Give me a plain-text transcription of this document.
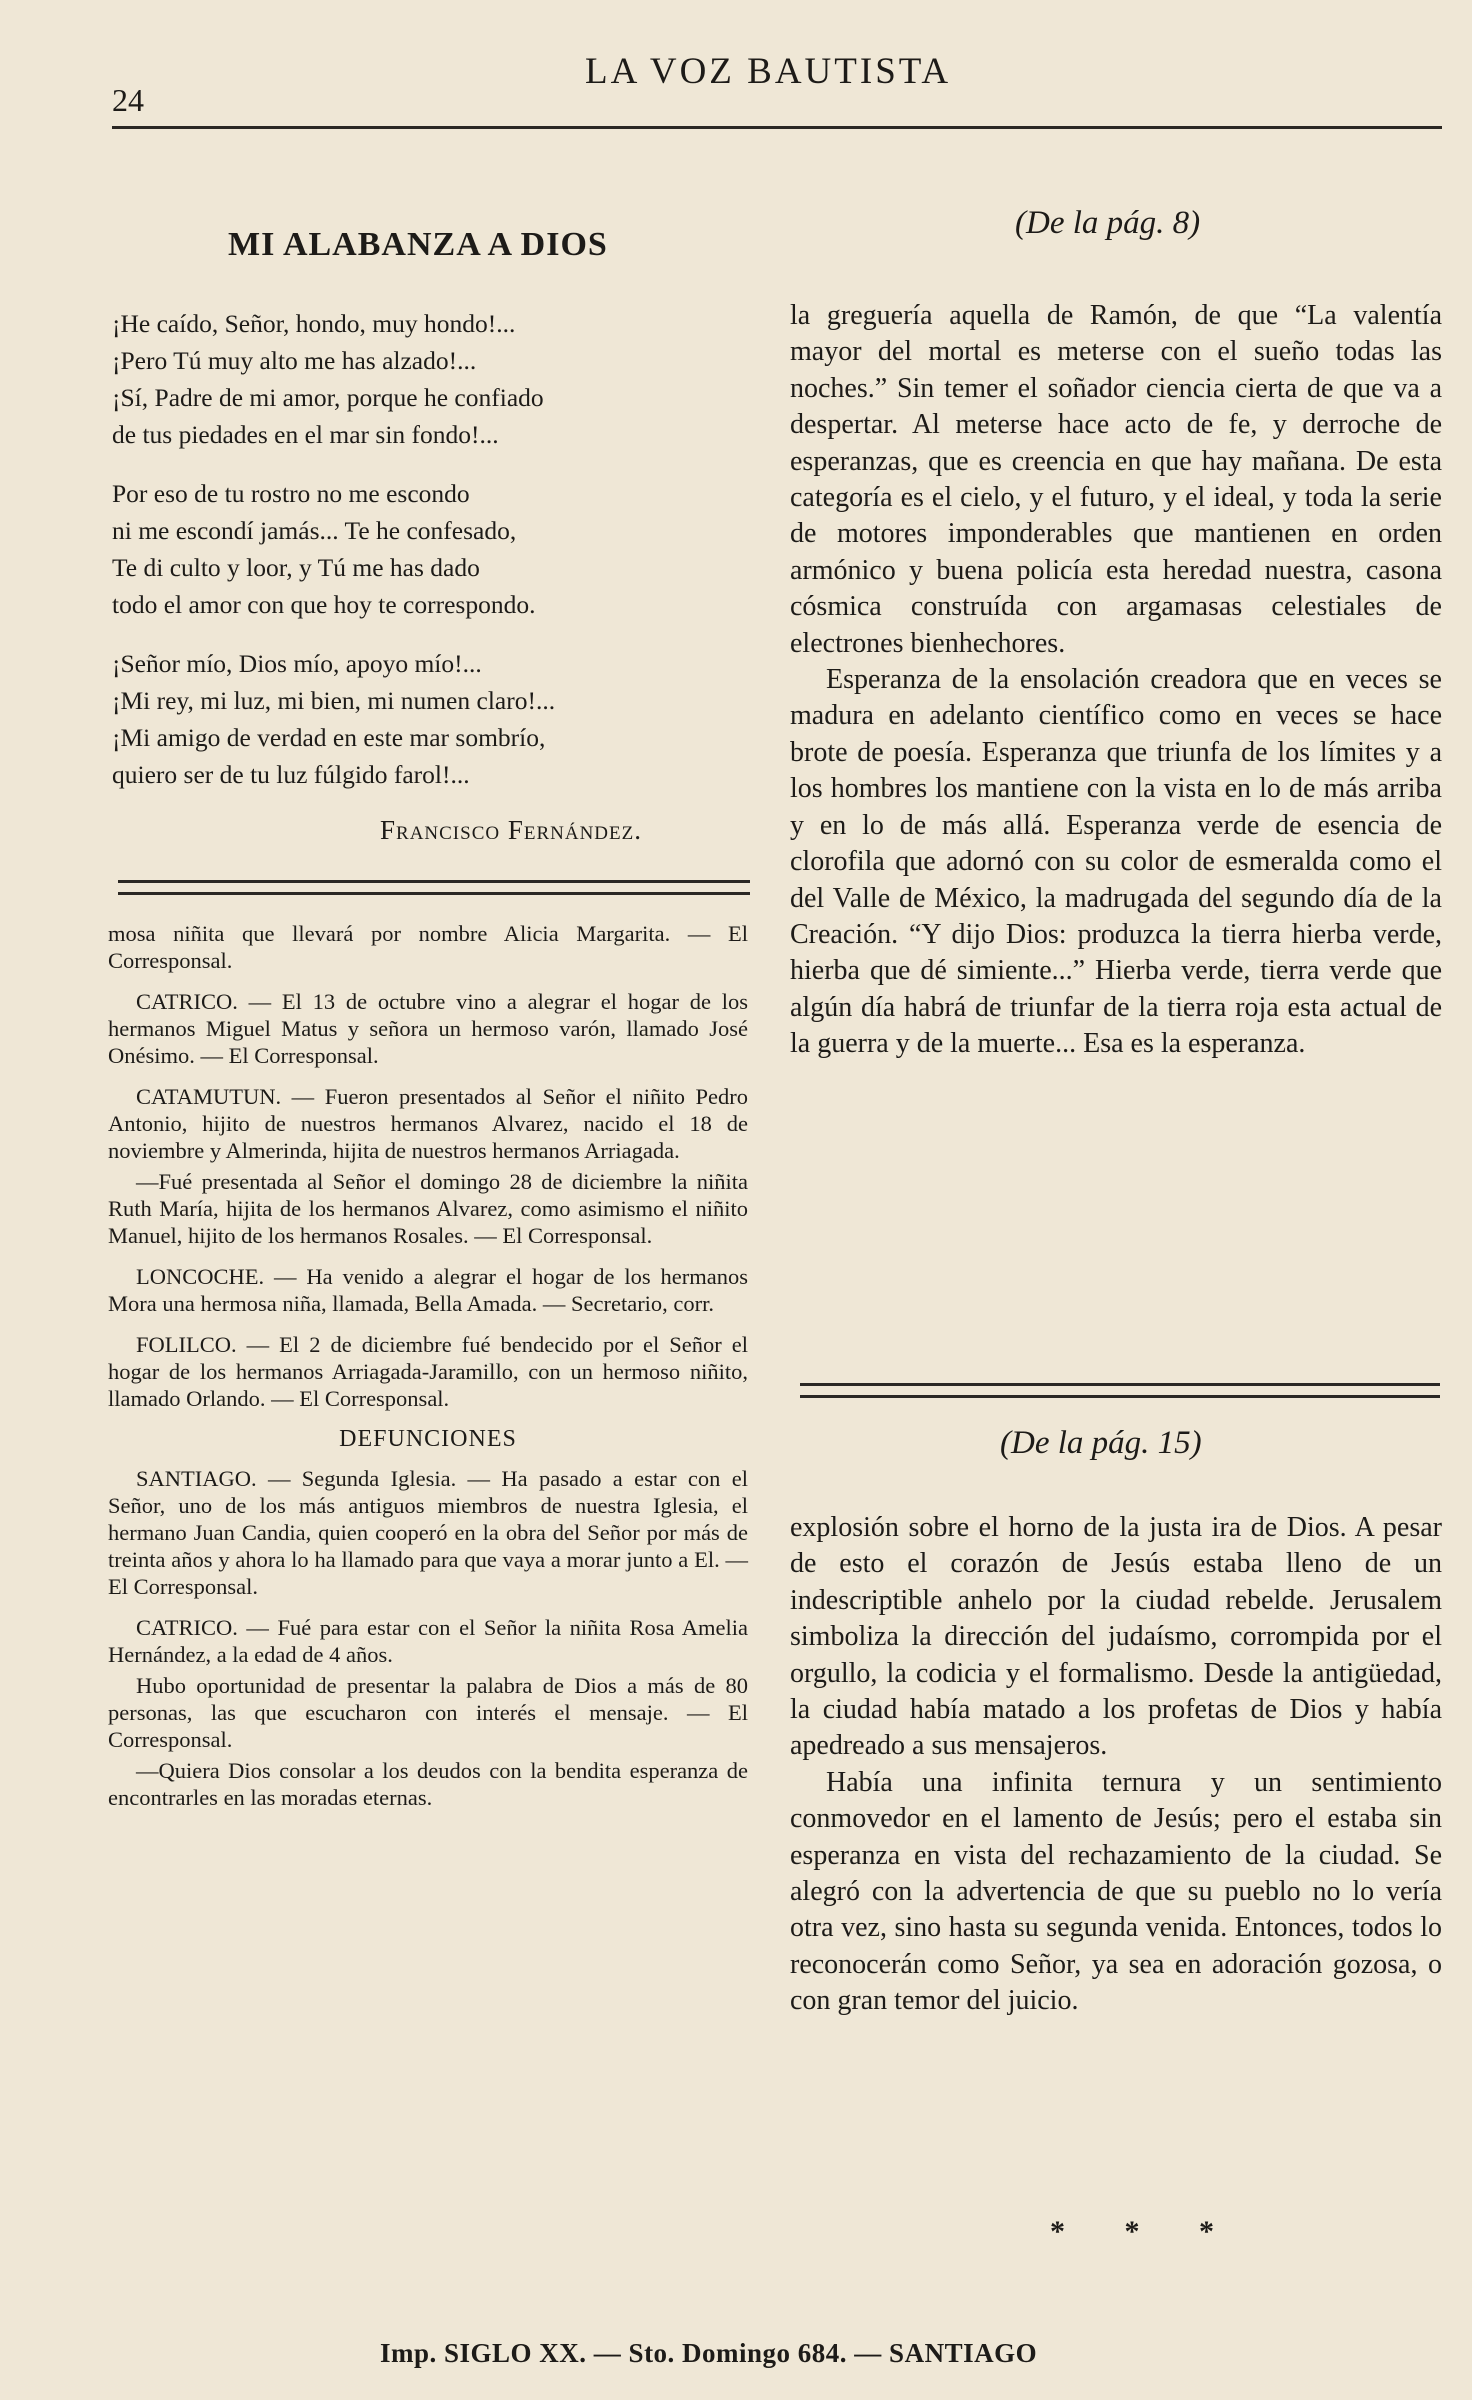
24
LA VOZ BAUTISTA
MI ALABANZA A DIOS
¡He caído, Señor, hondo, muy hondo!...
¡Pero Tú muy alto me has alzado!...
¡Sí, Padre de mi amor, porque he confiado
de tus piedades en el mar sin fondo!...
Por eso de tu rostro no me escondo
ni me escondí jamás... Te he confesado,
Te di culto y loor, y Tú me has dado
todo el amor con que hoy te correspondo.
¡Señor mío, Dios mío, apoyo mío!...
¡Mi rey, mi luz, mi bien, mi numen claro!...
¡Mi amigo de verdad en este mar sombrío,
quiero ser de tu luz fúlgido farol!...
Francisco Fernández.

mosa niñita que llevará por nombre Alicia Margarita. — El Corresponsal.

CATRICO. — El 13 de octubre vino a alegrar el hogar de los hermanos Miguel Matus y señora un hermoso varón, llamado José Onésimo. — El Corresponsal.

CATAMUTUN. — Fueron presentados al Señor el niñito Pedro Antonio, hijito de nuestros hermanos Alvarez, nacido el 18 de noviembre y Almerinda, hijita de nuestros hermanos Arriagada.

—Fué presentada al Señor el domingo 28 de diciembre la niñita Ruth María, hijita de los hermanos Alvarez, como asimismo el niñito Manuel, hijito de los hermanos Rosales. — El Corresponsal.

LONCOCHE. — Ha venido a alegrar el hogar de los hermanos Mora una hermosa niña, llamada, Bella Amada. — Secretario, corr.

FOLILCO. — El 2 de diciembre fué bendecido por el Señor el hogar de los hermanos Arriagada-Jaramillo, con un hermoso niñito, llamado Orlando. — El Corresponsal.

DEFUNCIONES

SANTIAGO. — Segunda Iglesia. — Ha pasado a estar con el Señor, uno de los más antiguos miembros de nuestra Iglesia, el hermano Juan Candia, quien cooperó en la obra del Señor por más de treinta años y ahora lo ha llamado para que vaya a morar junto a El. — El Corresponsal.

CATRICO. — Fué para estar con el Señor la niñita Rosa Amelia Hernández, a la edad de 4 años.

Hubo oportunidad de presentar la palabra de Dios a más de 80 personas, las que escucharon con interés el mensaje. — El Corresponsal.

—Quiera Dios consolar a los deudos con la bendita esperanza de encontrarles en las moradas eternas.

(De la pág. 8)

la greguería aquella de Ramón, de que “La valentía mayor del mortal es meterse con el sueño todas las noches.” Sin temer el soñador ciencia cierta de que va a despertar. Al meterse hace acto de fe, y derroche de esperanzas, que es creencia en que hay mañana. De esta categoría es el cielo, y el futuro, y el ideal, y toda la serie de motores imponderables que mantienen en orden armónico y buena policía esta heredad nuestra, casona cósmica construída con argamasas celestiales de electrones bienhechores.

Esperanza de la ensolación creadora que en veces se madura en adelanto científico como en veces se hace brote de poesía. Esperanza que triunfa de los límites y a los hombres los mantiene con la vista en lo de más arriba y en lo de más allá. Esperanza verde de esencia de clorofila que adornó con su color de esmeralda como el del Valle de México, la madrugada del segundo día de la Creación. “Y dijo Dios: produzca la tierra hierba verde, hierba que dé simiente...” Hierba verde, tierra verde que algún día habrá de triunfar de la tierra roja esta actual de la guerra y de la muerte... Esa es la esperanza.

(De la pág. 15)

explosión sobre el horno de la justa ira de Dios. A pesar de esto el corazón de Jesús estaba lleno de un indescriptible anhelo por la ciudad rebelde. Jerusalem simboliza la dirección del judaísmo, corrompida por el orgullo, la codicia y el formalismo. Desde la antigüedad, la ciudad había matado a los profetas de Dios y había apedreado a sus mensajeros.

Había una infinita ternura y un sentimiento conmovedor en el lamento de Jesús; pero el estaba sin esperanza en vista del rechazamiento de la ciudad. Se alegró con la advertencia de que su pueblo no lo vería otra vez, sino hasta su segunda venida. Entonces, todos lo reconocerán como Señor, ya sea en adoración gozosa, o con gran temor del juicio.

* * *
Imp. SIGLO XX. — Sto. Domingo 684. — SANTIAGO
